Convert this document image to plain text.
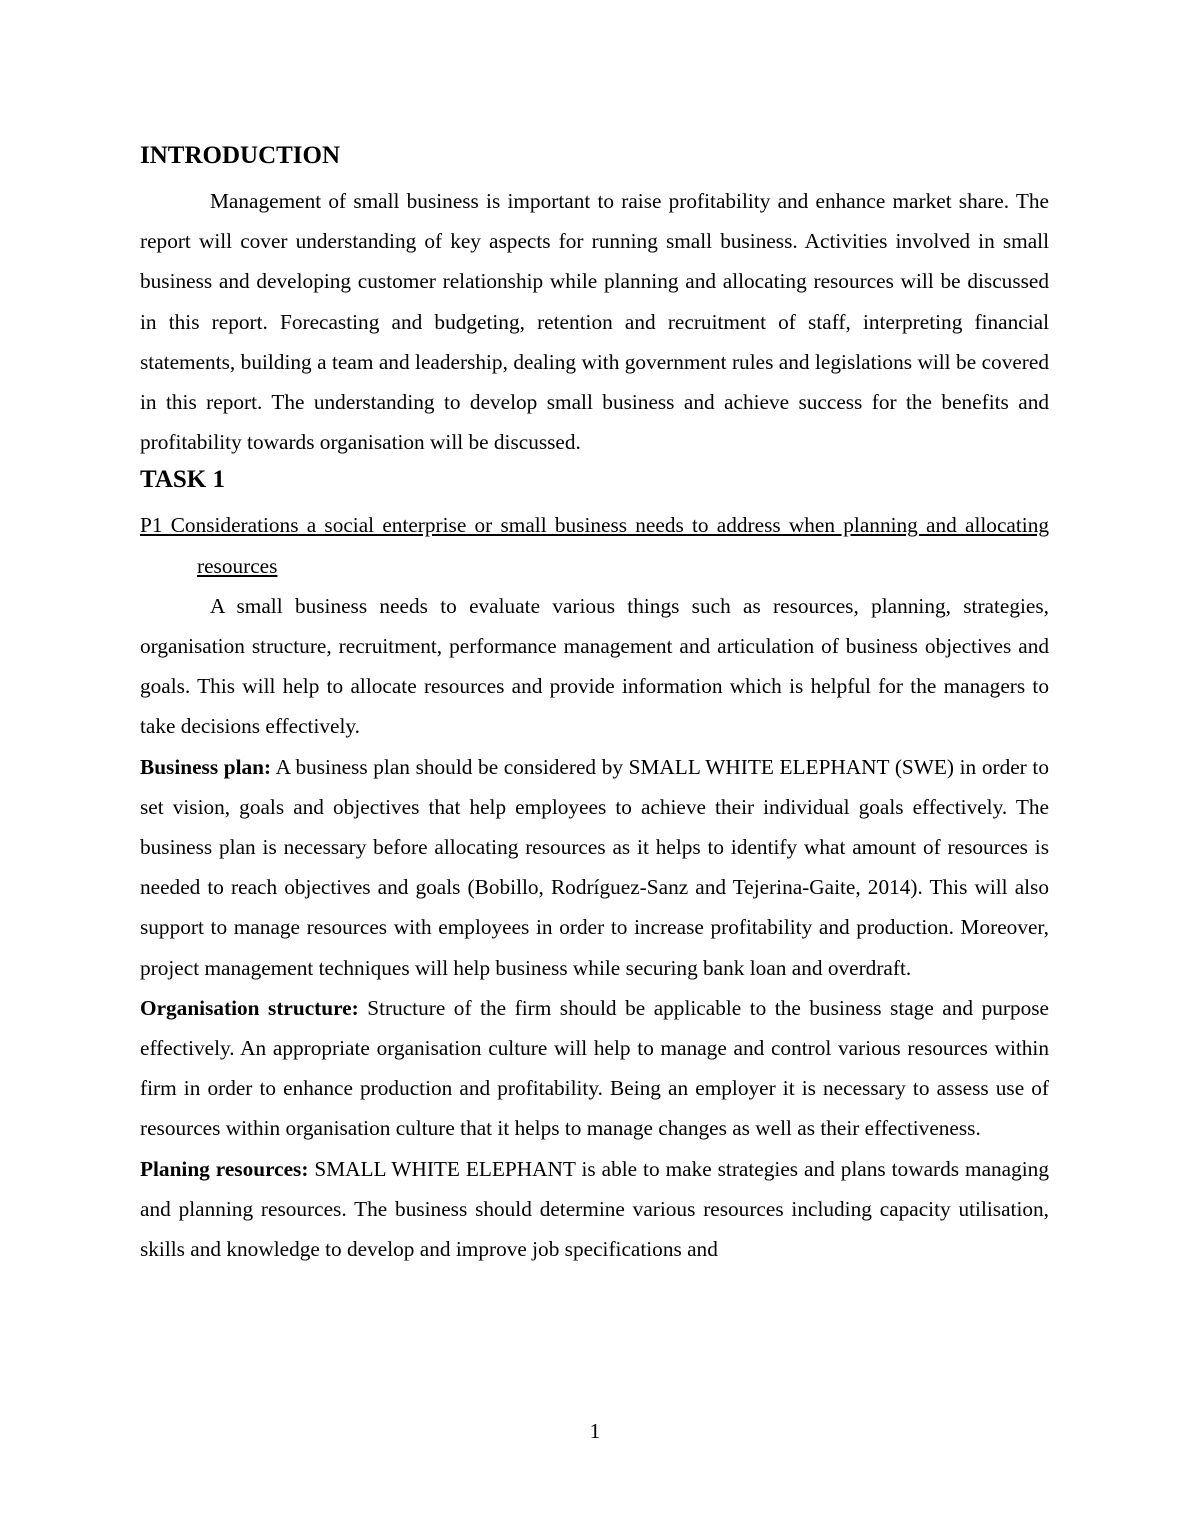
INTRODUCTION

Management of small business is important to raise profitability and enhance market share. The report will cover understanding of key aspects for running small business. Activities involved in small business and developing customer relationship while planning and allocating resources will be discussed in this report. Forecasting and budgeting, retention and recruitment of staff, interpreting financial statements, building a team and leadership, dealing with government rules and legislations will be covered in this report. The understanding to develop small business and achieve success for the benefits and profitability towards organisation will be discussed.

TASK 1

P1 Considerations a social enterprise or small business needs to address when planning and allocating resources

A small business needs to evaluate various things such as resources, planning, strategies, organisation structure, recruitment, performance management and articulation of business objectives and goals. This will help to allocate resources and provide information which is helpful for the managers to take decisions effectively.

Business plan: A business plan should be considered by SMALL WHITE ELEPHANT (SWE) in order to set vision, goals and objectives that help employees to achieve their individual goals effectively. The business plan is necessary before allocating resources as it helps to identify what amount of resources is needed to reach objectives and goals (Bobillo, Rodríguez-Sanz and Tejerina-Gaite, 2014). This will also support to manage resources with employees in order to increase profitability and production. Moreover, project management techniques will help business while securing bank loan and overdraft.

Organisation structure: Structure of the firm should be applicable to the business stage and purpose effectively. An appropriate organisation culture will help to manage and control various resources within firm in order to enhance production and profitability. Being an employer it is necessary to assess use of resources within organisation culture that it helps to manage changes as well as their effectiveness.

Planing resources: SMALL WHITE ELEPHANT is able to make strategies and plans towards managing and planning resources. The business should determine various resources including capacity utilisation, skills and knowledge to develop and improve job specifications and

1
